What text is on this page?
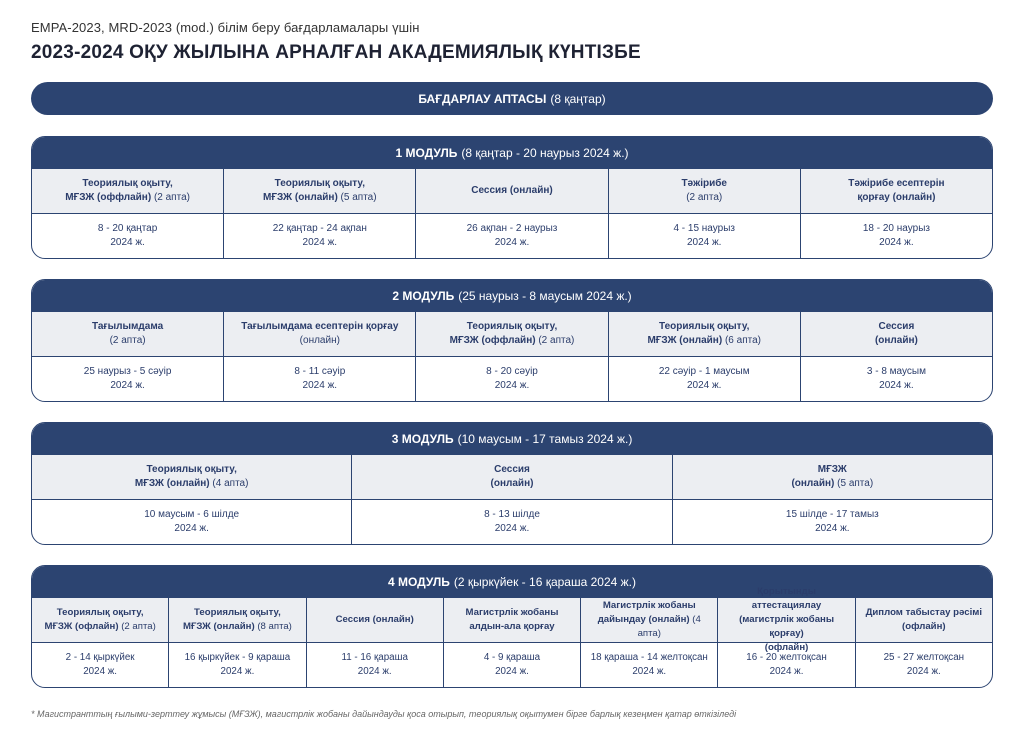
EMPA-2023, MRD-2023 (mod.) білім беру бағдарламалары үшін
2023-2024 ОҚУ ЖЫЛЫНА АРНАЛҒАН АКАДЕМИЯЛЫҚ КҮНТІЗБЕ
БАҒДАРЛАУ АПТАСЫ (8 қаңтар)
1 МОДУЛЬ (8 қаңтар - 20 наурыз 2024 ж.)
Теориялық оқыту,
МҒЗЖ (оффлайн) (2 апта)
Теориялық оқыту,
МҒЗЖ (онлайн) (5 апта)
Сессия (онлайн)
Тәжірибе
(2 апта)
Тәжірибе есептерін
қорғау (онлайн)
8 - 20 қаңтар
2024 ж.
22 қаңтар - 24 ақпан
2024 ж.
26 ақпан - 2 наурыз
2024 ж.
4 - 15 наурыз
2024 ж.
18 - 20 наурыз
2024 ж.
2 МОДУЛЬ (25 наурыз - 8 маусым 2024 ж.)
Тағылымдама
(2 апта)
Тағылымдама есептерін қорғау
(онлайн)
Теориялық оқыту,
МҒЗЖ (оффлайн) (2 апта)
Теориялық оқыту,
МҒЗЖ (онлайн) (6 апта)
Сессия
(онлайн)
25 наурыз - 5 сәуір
2024 ж.
8 - 11 сәуір
2024 ж.
8 - 20 сәуір
2024 ж.
22 сәуір - 1 маусым
2024 ж.
3 - 8 маусым
2024 ж.
3 МОДУЛЬ (10 маусым - 17 тамыз 2024 ж.)
Теориялық оқыту,
МҒЗЖ (онлайн) (4 апта)
Сессия
(онлайн)
МҒЗЖ
(онлайн) (5 апта)
10 маусым - 6 шілде
2024 ж.
8 - 13 шілде
2024 ж.
15 шілде - 17 тамыз
2024 ж.
4 МОДУЛЬ (2 қыркүйек - 16 қараша 2024 ж.)
Теориялық оқыту,
МҒЗЖ (офлайн) (2 апта)
Теориялық оқыту,
МҒЗЖ (онлайн) (8 апта)
Сессия (онлайн)
Магистрлік жобаны
алдын-ала қорғау
Магистрлік жобаны
дайындау (онлайн) (4 апта)
Қорытынды аттестациялау
(магистрлік жобаны қорғау)
(офлайн)
Диплом табыстау рәсімі
(офлайн)
2 - 14 қыркүйек
2024 ж.
16 қыркүйек - 9 қараша
2024 ж.
11 - 16 қараша
2024 ж.
4 - 9 қараша
2024 ж.
18 қараша - 14 желтоқсан
2024 ж.
16 - 20 желтоқсан
2024 ж.
25 - 27 желтоқсан
2024 ж.
* Магистранттың ғылыми-зерттеу жұмысы (МҒЗЖ), магистрлік жобаны дайындауды қоса отырып, теориялық оқытумен бірге барлық кезеңмен қатар өткізіледі
